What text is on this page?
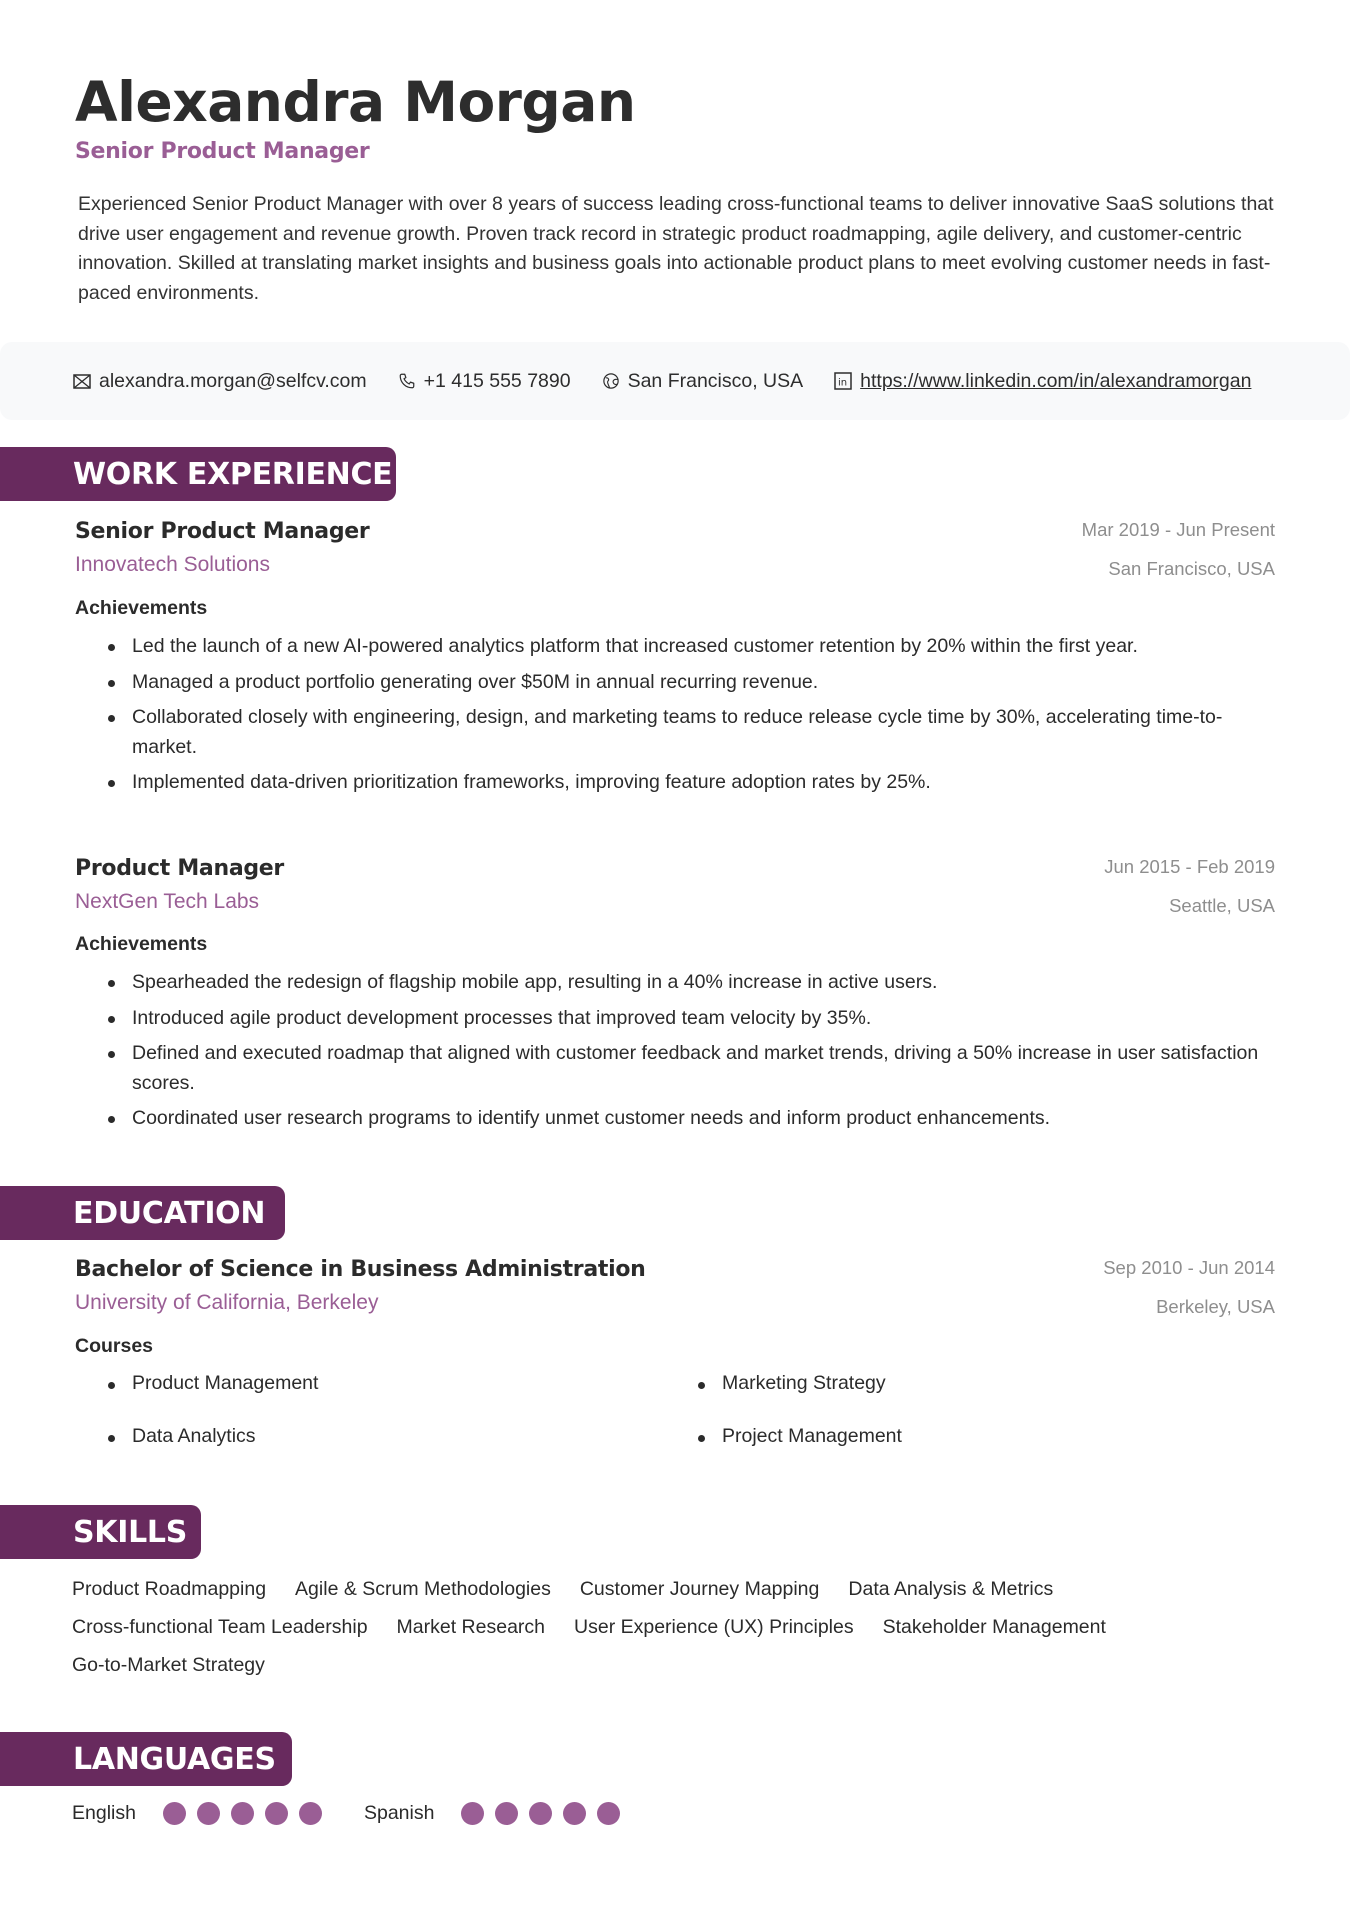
Alexandra Morgan
Senior Product Manager

Experienced Senior Product Manager with over 8 years of success leading cross-functional teams to deliver innovative SaaS solutions that drive user engagement and revenue growth. Proven track record in strategic product roadmapping, agile delivery, and customer-centric innovation. Skilled at translating market insights and business goals into actionable product plans to meet evolving customer needs in fast-paced environments.

alexandra.morgan@selfcv.com	+1 415 555 7890	San Francisco, USA	in https://www.linkedin.com/in/alexandramorgan
WORK EXPERIENCE
Senior Product Manager	Mar 2019 - Jun Present
Innovatech Solutions	San Francisco, USA
Achievements
Led the launch of a new AI-powered analytics platform that increased customer retention by 20% within the first year.
Managed a product portfolio generating over $50M in annual recurring revenue.
Collaborated closely with engineering, design, and marketing teams to reduce release cycle time by 30%, accelerating time-to-market.
Implemented data-driven prioritization frameworks, improving feature adoption rates by 25%.
Product Manager	Jun 2015 - Feb 2019
NextGen Tech Labs	Seattle, USA
Achievements
Spearheaded the redesign of flagship mobile app, resulting in a 40% increase in active users.
Introduced agile product development processes that improved team velocity by 35%.
Defined and executed roadmap that aligned with customer feedback and market trends, driving a 50% increase in user satisfaction scores.
Coordinated user research programs to identify unmet customer needs and inform product enhancements.
EDUCATION
Bachelor of Science in Business Administration	Sep 2010 - Jun 2014
University of California, Berkeley	Berkeley, USA
Courses
Product Management	Marketing Strategy
Data Analytics	Project Management
SKILLS
Product Roadmapping Agile & Scrum Methodologies Customer Journey Mapping Data Analysis & Metrics
Cross-functional Team Leadership Market Research User Experience (UX) Principles Stakeholder Management
Go-to-Market Strategy
LANGUAGES
English	Spanish
